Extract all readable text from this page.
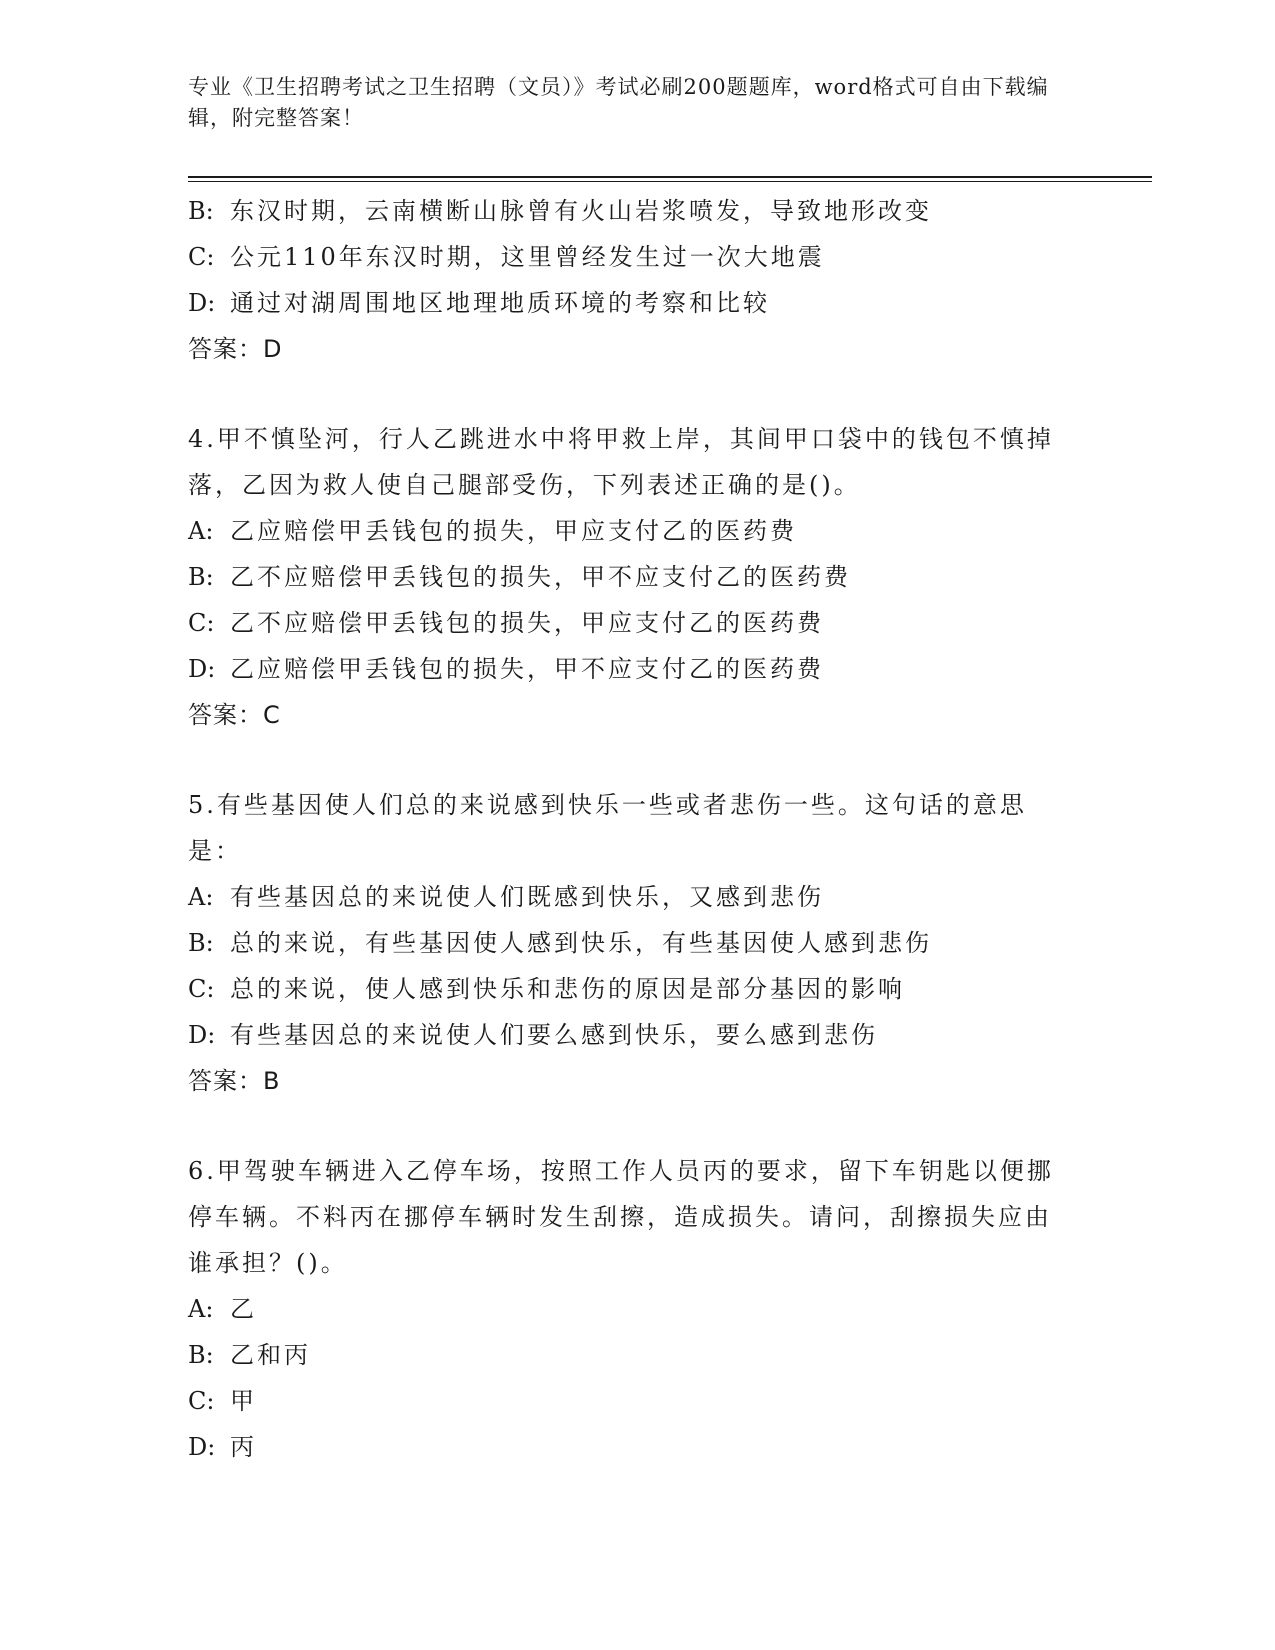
专业《卫生招聘考试之卫生招聘（文员）》考试必刷200题题库，word格式可自由下载编辑，附完整答案！
B: 东汉时期，云南横断山脉曾有火山岩浆喷发，导致地形改变
C: 公元110年东汉时期，这里曾经发生过一次大地震
D: 通过对湖周围地区地理地质环境的考察和比较
答案：D
4.甲不慎坠河，行人乙跳进水中将甲救上岸，其间甲口袋中的钱包不慎掉落，乙因为救人使自己腿部受伤，下列表述正确的是()。
A: 乙应赔偿甲丢钱包的损失，甲应支付乙的医药费
B: 乙不应赔偿甲丢钱包的损失，甲不应支付乙的医药费
C: 乙不应赔偿甲丢钱包的损失，甲应支付乙的医药费
D: 乙应赔偿甲丢钱包的损失，甲不应支付乙的医药费
答案：C
5.有些基因使人们总的来说感到快乐一些或者悲伤一些。这句话的意思是：
A: 有些基因总的来说使人们既感到快乐，又感到悲伤
B: 总的来说，有些基因使人感到快乐，有些基因使人感到悲伤
C: 总的来说，使人感到快乐和悲伤的原因是部分基因的影响
D: 有些基因总的来说使人们要么感到快乐，要么感到悲伤
答案：B
6.甲驾驶车辆进入乙停车场，按照工作人员丙的要求，留下车钥匙以便挪停车辆。不料丙在挪停车辆时发生刮擦，造成损失。请问，刮擦损失应由谁承担？()。
A: 乙
B: 乙和丙
C: 甲
D: 丙
